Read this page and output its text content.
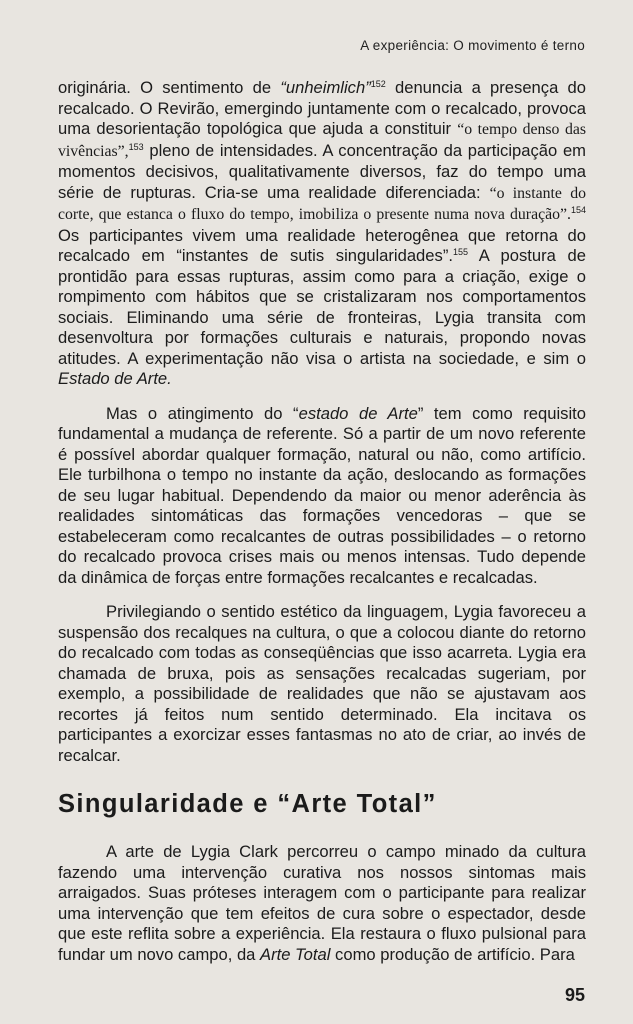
A experiência: O movimento é terno

originária. O sentimento de “unheimlich”$^{152}$ denuncia a presença do recalcado. O Revirão, emergindo juntamente com o recalcado, provoca uma desorientação topológica que ajuda a constituir “o tempo denso das vivências”,$^{153}$ pleno de intensidades. A concentração da participação em momentos decisivos, qualitativamente diversos, faz do tempo uma série de rupturas. Cria-se uma realidade diferenciada: “o instante do corte, que estanca o fluxo do tempo, imobiliza o presente numa nova duração”.$^{154}$ Os participantes vivem uma realidade heterogênea que retorna do recalcado em “instantes de sutis singularidades”.$^{155}$ A postura de prontidão para essas rupturas, assim como para a criação, exige o rompimento com hábitos que se cristalizaram nos comportamentos sociais. Eliminando uma série de fronteiras, Lygia transita com desenvoltura por formações culturais e naturais, propondo novas atitudes. A experimentação não visa o artista na sociedade, e sim o Estado de Arte.

Mas o atingimento do “estado de Arte” tem como requisito fundamental a mudança de referente. Só a partir de um novo referente é possível abordar qualquer formação, natural ou não, como artifício. Ele turbilhona o tempo no instante da ação, deslocando as formações de seu lugar habitual. Dependendo da maior ou menor aderência às realidades sintomáticas das formações vencedoras – que se estabeleceram como recalcantes de outras possibilidades – o retorno do recalcado provoca crises mais ou menos intensas. Tudo depende da dinâmica de forças entre formações recalcantes e recalcadas.

Privilegiando o sentido estético da linguagem, Lygia favoreceu a suspensão dos recalques na cultura, o que a colocou diante do retorno do recalcado com todas as conseqüências que isso acarreta. Lygia era chamada de bruxa, pois as sensações recalcadas sugeriam, por exemplo, a possibilidade de realidades que não se ajustavam aos recortes já feitos num sentido determinado. Ela incitava os participantes a exorcizar esses fantasmas no ato de criar, ao invés de recalcar.

Singularidade e “Arte Total”

A arte de Lygia Clark percorreu o campo minado da cultura fazendo uma intervenção curativa nos nossos sintomas mais arraigados. Suas próteses interagem com o participante para realizar uma intervenção que tem efeitos de cura sobre o espectador, desde que este reflita sobre a experiência. Ela restaura o fluxo pulsional para fundar um novo campo, da Arte Total como produção de artifício. Para

95
